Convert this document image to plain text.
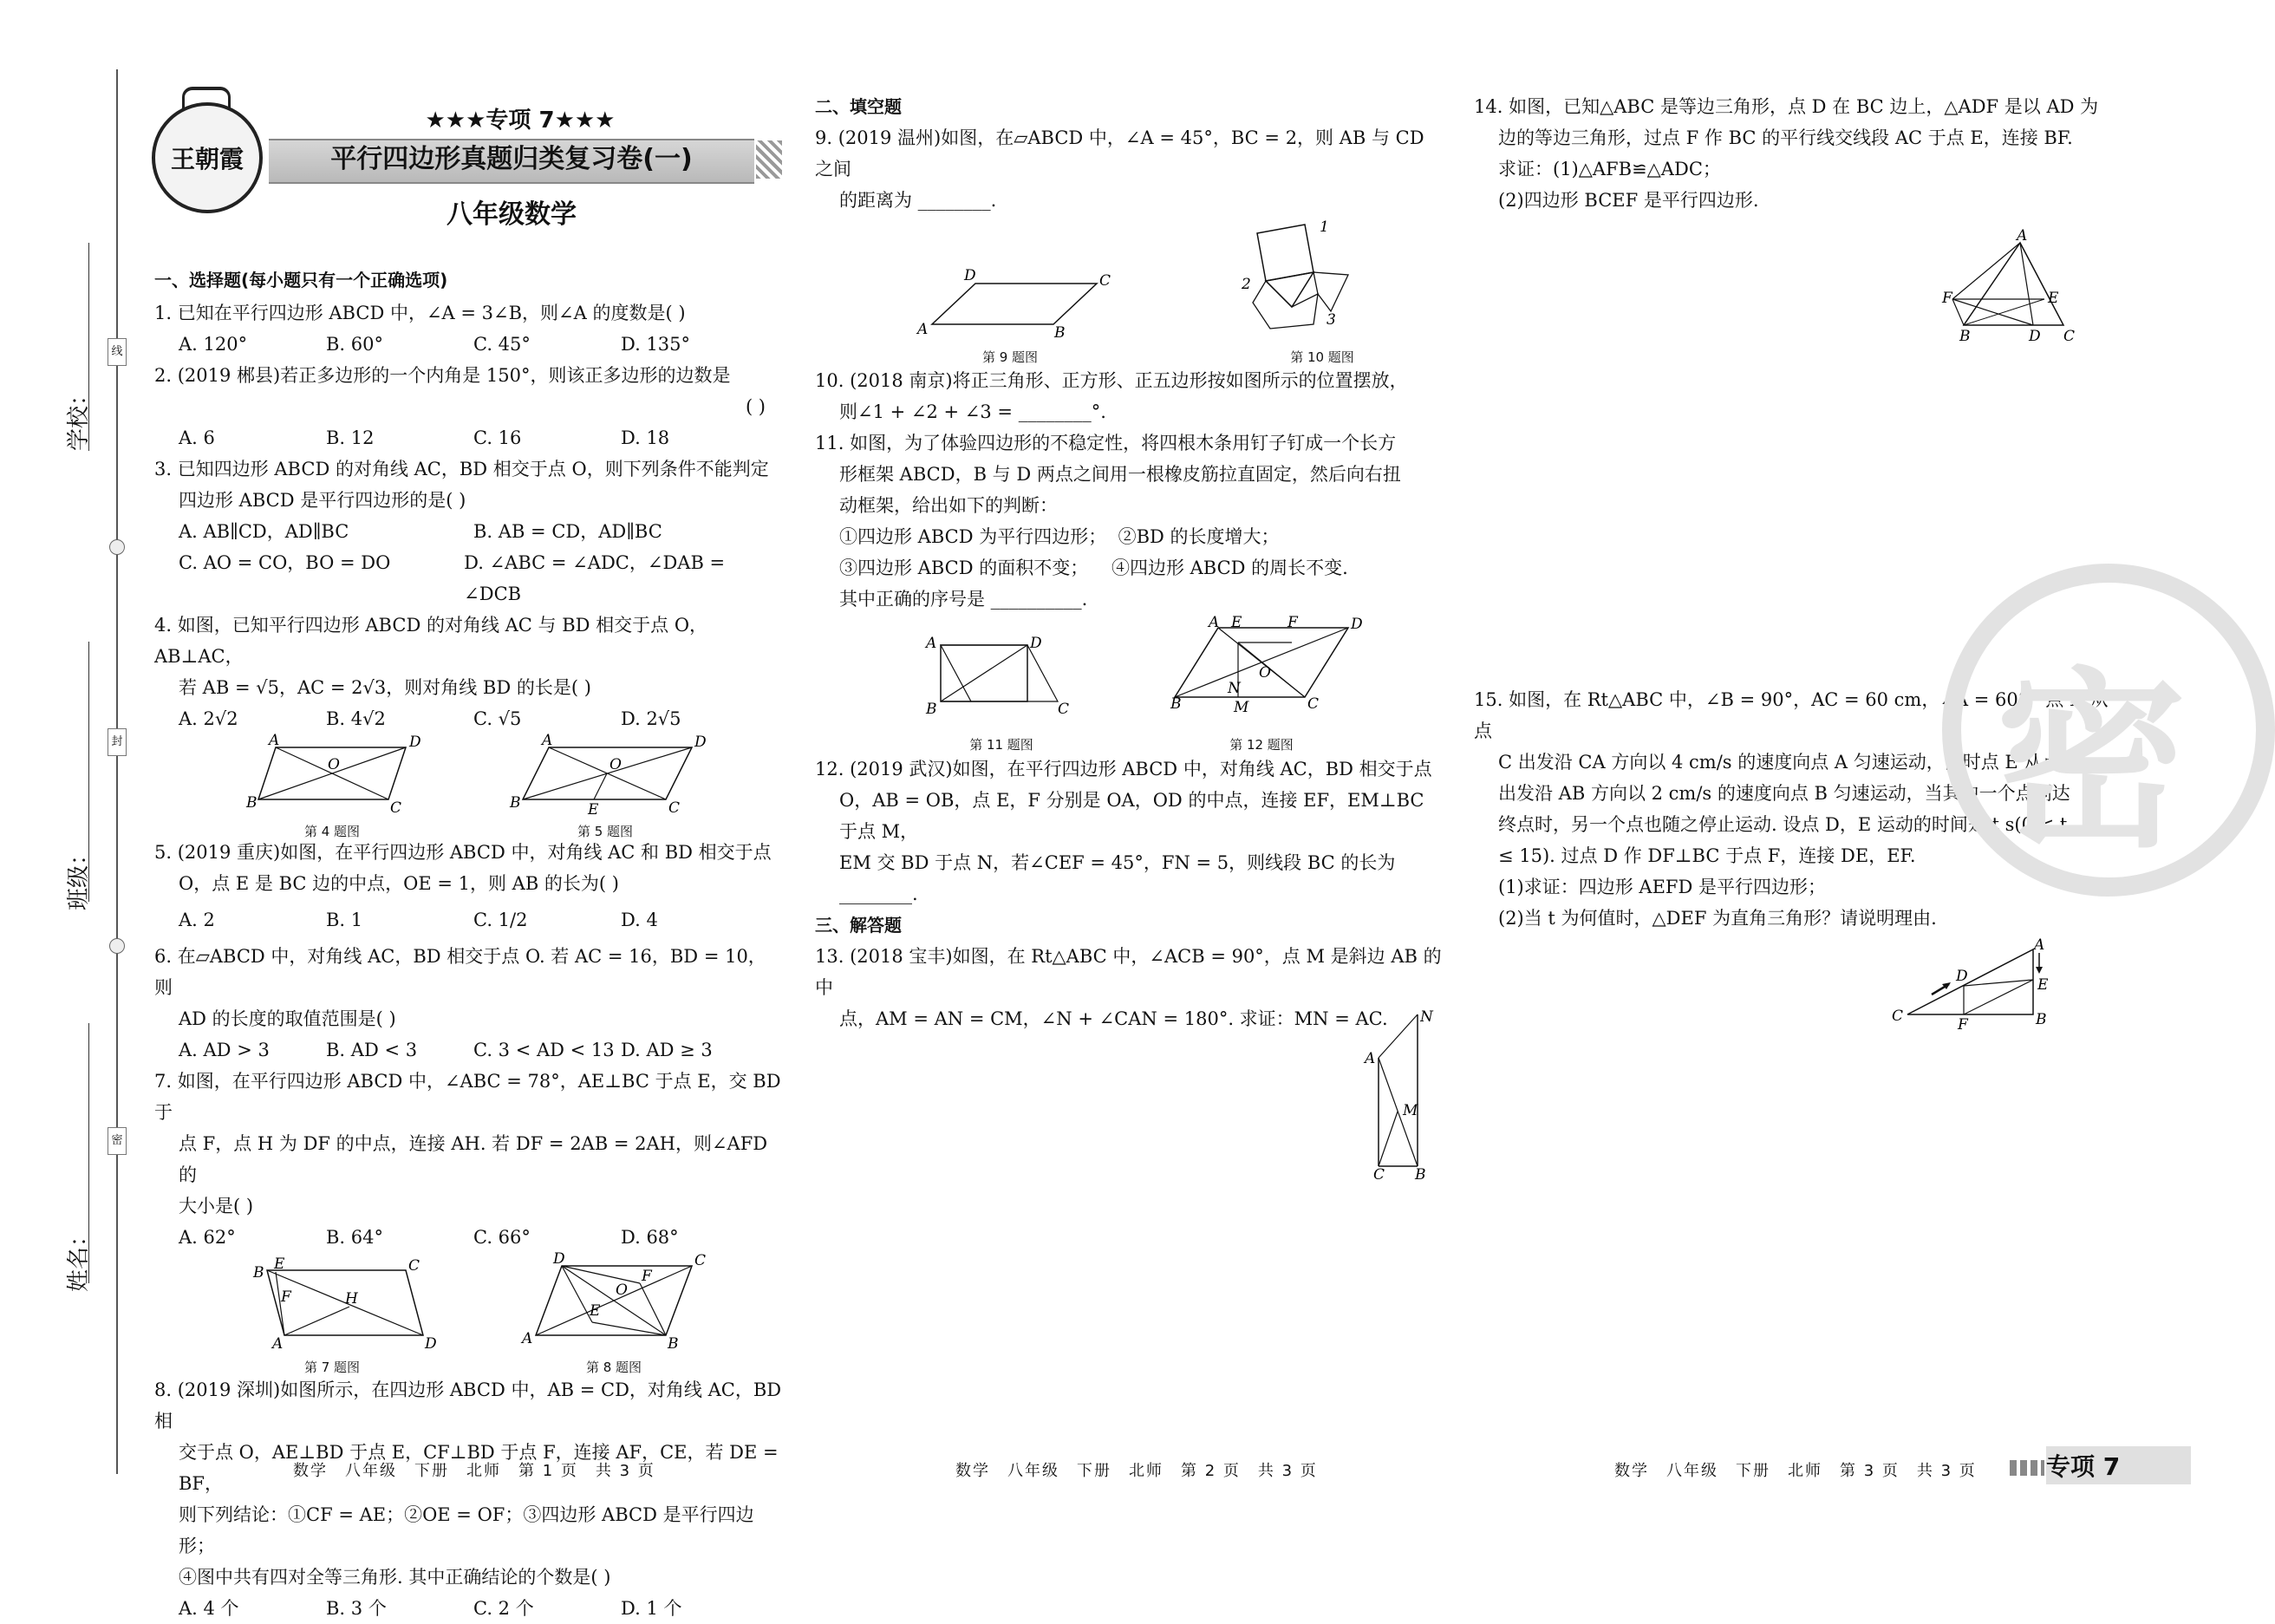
学校：
班级：
姓名：
线
封
密
王朝霞
★★★专项 7★★★
平行四边形真题归类复习卷(一)
八年级数学

一、选择题(每小题只有一个正确选项)

1. 已知在平行四边形 ABCD 中，∠A = 3∠B，则∠A 的度数是( )

A. 120°	B. 60°	C. 45°	D. 135°

2. (2019 郴县)若正多边形的一个内角是 150°，则该正多边形的边数是

( )

A. 6	B. 12	C. 16	D. 18

3. 已知四边形 ABCD 的对角线 AC，BD 相交于点 O，则下列条件不能判定

四边形 ABCD 是平行四边形的是( )

A. AB∥CD，AD∥BC	B. AB = CD，AD∥BC
C. AO = CO，BO = DO	D. ∠ABC = ∠ADC，∠DAB = ∠DCB

4. 如图，已知平行四边形 ABCD 的对角线 AC 与 BD 相交于点 O，AB⊥AC，

若 AB = √5，AC = 2√3，则对角线 BD 的长是( )

A. 2√2	B. 4√2	C. √5	D. 2√5
A	D
B	C
O
第 4 题图
A	D
B	C
O
E
第 5 题图

5. (2019 重庆)如图，在平行四边形 ABCD 中，对角线 AC 和 BD 相交于点

O，点 E 是 BC 边的中点，OE = 1，则 AB 的长为( )

A. 2	B. 1	C. 1/2	D. 4

6. 在▱ABCD 中，对角线 AC，BD 相交于点 O. 若 AC = 16，BD = 10，则

AD 的长度的取值范围是( )

A. AD > 3	B. AD < 3	C. 3 < AD < 13 D. AD ≥ 3

7. 如图，在平行四边形 ABCD 中，∠ABC = 78°，AE⊥BC 于点 E，交 BD 于

点 F，点 H 为 DF 的中点，连接 AH. 若 DF = 2AB = 2AH，则∠AFD 的

大小是( )

A. 62°	B. 64°	C. 66°	D. 68°
B E	C
F	H
A	D
第 7 题图
D	C
A	B
O
E
F
第 8 题图

8. (2019 深圳)如图所示，在四边形 ABCD 中，AB = CD，对角线 AC，BD 相

交于点 O，AE⊥BD 于点 E，CF⊥BD 于点 F，连接 AF，CE，若 DE = BF，

则下列结论：①CF = AE；②OE = OF；③四边形 ABCD 是平行四边形；

④图中共有四对全等三角形. 其中正确结论的个数是( )

A. 4 个	B. 3 个	C. 2 个	D. 1 个

二、填空题

9. (2019 温州)如图，在▱ABCD 中，∠A = 45°，BC = 2，则 AB 与 CD 之间

的距离为 ________.

D	C
A	B
第 9 题图
1
2
3
第 10 题图

10. (2018 南京)将正三角形、正方形、正五边形按如图所示的位置摆放，

则∠1 + ∠2 + ∠3 = ________°.

11. 如图，为了体验四边形的不稳定性，将四根木条用钉子钉成一个长方

形框架 ABCD，B 与 D 两点之间用一根橡皮筋拉直固定，然后向右扭

动框架，给出如下的判断：

①四边形 ABCD 为平行四边形；  ②BD 的长度增大；

③四边形 ABCD 的面积不变；    ④四边形 ABCD 的周长不变.

其中正确的序号是 __________.

A	D
B	C
第 11 题图
A E	F	D
O
N
B	M	C
第 12 题图

12. (2019 武汉)如图，在平行四边形 ABCD 中，对角线 AC，BD 相交于点

O，AB = OB，点 E，F 分别是 OA，OD 的中点，连接 EF，EM⊥BC 于点 M，

EM 交 BD 于点 N，若∠CEF = 45°，FN = 5，则线段 BC 的长为________.

三、解答题

13. (2018 宝丰)如图，在 Rt△ABC 中，∠ACB = 90°，点 M 是斜边 AB 的中

点，AM = AN = CM，∠N + ∠CAN = 180°. 求证：MN = AC.	N
A
M
C B

14. 如图，已知△ABC 是等边三角形，点 D 在 BC 边上，△ADF 是以 AD 为

边的等边三角形，过点 F 作 BC 的平行线交线段 AC 于点 E，连接 BF.

求证：(1)△AFB≌△ADC；

(2)四边形 BCEF 是平行四边形.

A
F	E
B	D C

15. 如图，在 Rt△ABC 中，∠B = 90°，AC = 60 cm，∠A = 60°，点 D 从点

C 出发沿 CA 方向以 4 cm/s 的速度向点 A 匀速运动，同时点 E 从点 A

出发沿 AB 方向以 2 cm/s 的速度向点 B 匀速运动，当其中一个点到达

终点时，另一个点也随之停止运动. 设点 D，E 运动的时间是 t s(0 < t

≤ 15). 过点 D 作 DF⊥BC 于点 F，连接 DE，EF.

(1)求证：四边形 AEFD 是平行四边形；

(2)当 t 为何值时，△DEF 为直角三角形？请说明理由.

C
D
A
E
F	B
密
数学　八年级　下册　北师　第 1 页　共 3 页	数学　八年级　下册　北师　第 2 页　共 3 页	数学　八年级　下册　北师　第 3 页　共 3 页	专项 7
